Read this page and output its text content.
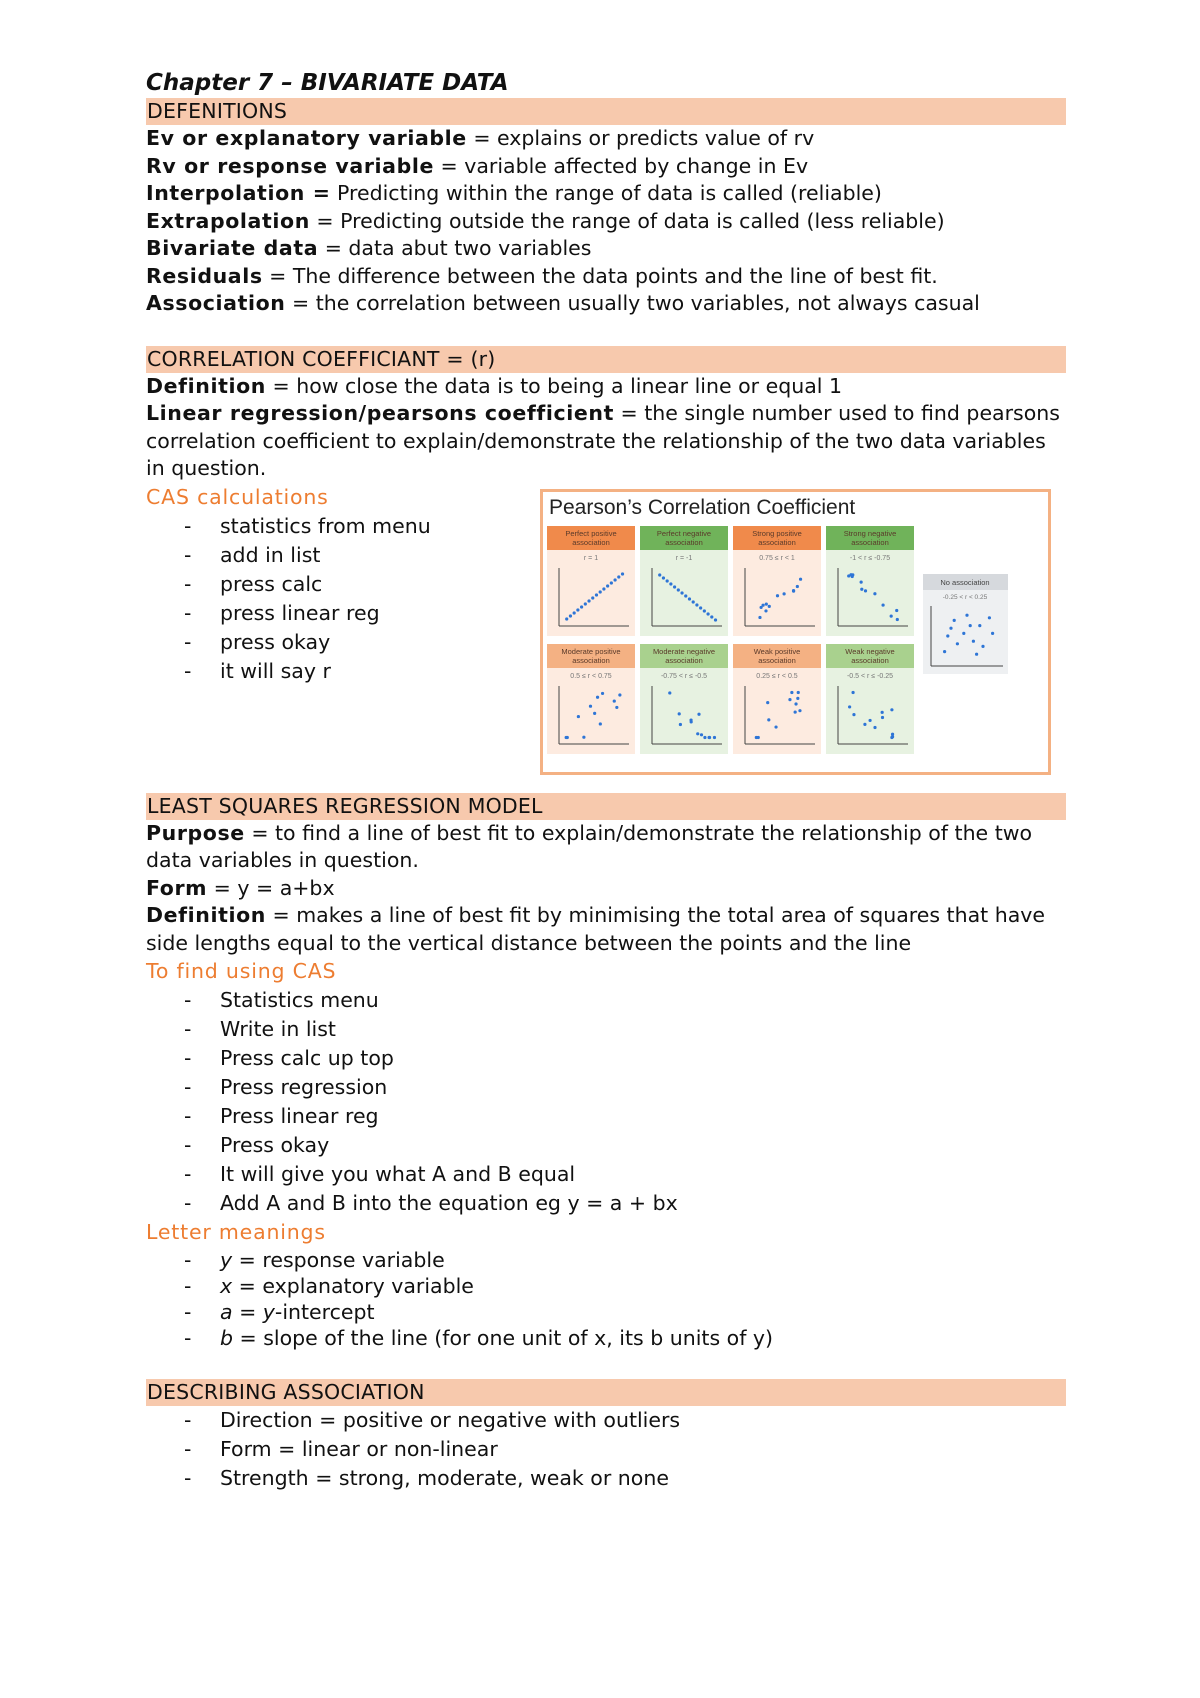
Chapter 7 – BIVARIATE DATA
DEFENITIONS
Ev or explanatory variable = explains or predicts value of rv
Rv or response variable = variable affected by change in Ev
Interpolation = Predicting within the range of data is called (reliable)
Extrapolation = Predicting outside the range of data is called (less reliable)
Bivariate data = data abut two variables
Residuals = The difference between the data points and the line of best fit.
Association = the correlation between usually two variables, not always casual
CORRELATION COEFFICIANT = (r)
Definition = how close the data is to being a linear line or equal 1
Linear regression/pearsons coefficient = the single number used to find pearsons correlation coefficient to explain/demonstrate the relationship of the two data variables in question.
CAS calculations
-	statistics from menu
-	add in list
-	press calc
-	press linear reg
-	press okay
-	it will say r
Perfect positive
association
r = 1
Perfect negative
association
r = -1
Strong positive
association
0.75 ≤ r < 1
Strong negative
association
-1 < r ≤ -0.75
Moderate positive
association
0.5 ≤ r < 0.75
Moderate negative
association
-0.75 < r ≤ -0.5
Weak positive
association
0.25 ≤ r < 0.5
Weak negative
association
-0.5 < r ≤ -0.25
No association
-0.25 < r < 0.25
Pearson’s Correlation Coefficient
LEAST SQUARES REGRESSION MODEL
Purpose = to find a line of best fit to explain/demonstrate the relationship of the two data variables in question.
Form = y = a+bx
Definition = makes a line of best fit by minimising the total area of squares that have side lengths equal to the vertical distance between the points and the line
To find using CAS
-	Statistics menu
-	Write in list
-	Press calc up top
-	Press regression
-	Press linear reg
-	Press okay
-	It will give you what A and B equal
-	Add A and B into the equation eg y = a + bx
Letter meanings
-	y = response variable
-	x = explanatory variable
-	a = y-intercept
-	b = slope of the line (for one unit of x, its b units of y)
DESCRIBING ASSOCIATION
-	Direction = positive or negative with outliers
-	Form = linear or non-linear
-	Strength = strong, moderate, weak or none
